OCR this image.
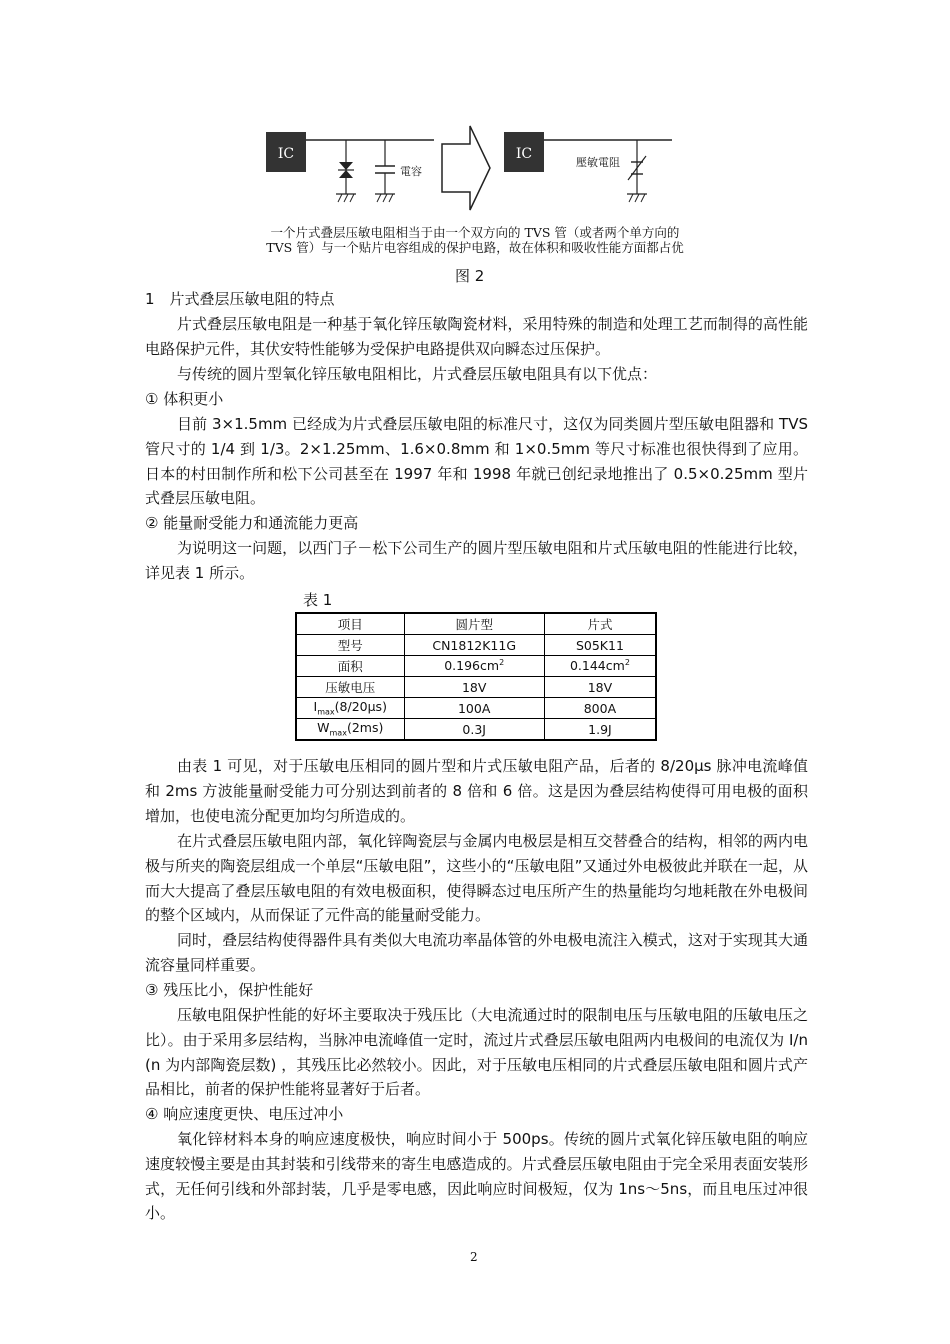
IC
電容
IC
壓敏電阻
一个片式叠层压敏电阻相当于由一个双方向的 TVS 管（或者两个单方向的
TVS 管）与一个贴片电容组成的保护电路，故在体积和吸收性能方面都占优
图 2
1　片式叠层压敏电阻的特点

片式叠层压敏电阻是一种基于氧化锌压敏陶瓷材料，采用特殊的制造和处理工艺而制得的高性能电路保护元件，其伏安特性能够为受保护电路提供双向瞬态过压保护。

与传统的圆片型氧化锌压敏电阻相比，片式叠层压敏电阻具有以下优点：

① 体积更小

目前 3×1.5mm 已经成为片式叠层压敏电阻的标准尺寸，这仅为同类圆片型压敏电阻器和 TVS 管尺寸的 1/4 到 1/3。2×1.25mm、1.6×0.8mm 和 1×0.5mm 等尺寸标准也很快得到了应用。日本的村田制作所和松下公司甚至在 1997 年和 1998 年就已创纪录地推出了 0.5×0.25mm 型片式叠层压敏电阻。

② 能量耐受能力和通流能力更高

为说明这一问题，以西门子－松下公司生产的圆片型压敏电阻和片式压敏电阻的性能进行比较，详见表 1 所示。

表 1
项目	圆片型	片式
型号	CN1812K11G	S05K11
面积	$0.196cm^2$	$0.144cm^2$
压敏电压	18V	18V
$I_{max}(8/20\mu s)$	100A	800A
$W_{max}(2ms)$	0.3J	1.9J

由表 1 可见，对于压敏电压相同的圆片型和片式压敏电阻产品，后者的 8/20μs 脉冲电流峰值和 2ms 方波能量耐受能力可分别达到前者的 8 倍和 6 倍。这是因为叠层结构使得可用电极的面积增加，也使电流分配更加均匀所造成的。

在片式叠层压敏电阻内部，氧化锌陶瓷层与金属内电极层是相互交替叠合的结构，相邻的两内电极与所夹的陶瓷层组成一个单层“压敏电阻”，这些小的“压敏电阻”又通过外电极彼此并联在一起，从而大大提高了叠层压敏电阻的有效电极面积，使得瞬态过电压所产生的热量能均匀地耗散在外电极间的整个区域内，从而保证了元件高的能量耐受能力。

同时，叠层结构使得器件具有类似大电流功率晶体管的外电极电流注入模式，这对于实现其大通流容量同样重要。

③ 残压比小，保护性能好

压敏电阻保护性能的好坏主要取决于残压比（大电流通过时的限制电压与压敏电阻的压敏电压之比）。由于采用多层结构，当脉冲电流峰值一定时，流过片式叠层压敏电阻两内电极间的电流仅为 I/n (n 为内部陶瓷层数) ，其残压比必然较小。因此，对于压敏电压相同的片式叠层压敏电阻和圆片式产品相比，前者的保护性能将显著好于后者。

④ 响应速度更快、电压过冲小

氧化锌材料本身的响应速度极快，响应时间小于 500ps。传统的圆片式氧化锌压敏电阻的响应速度较慢主要是由其封装和引线带来的寄生电感造成的。片式叠层压敏电阻由于完全采用表面安装形式，无任何引线和外部封装，几乎是零电感，因此响应时间极短，仅为 1ns～5ns，而且电压过冲很小。

2
